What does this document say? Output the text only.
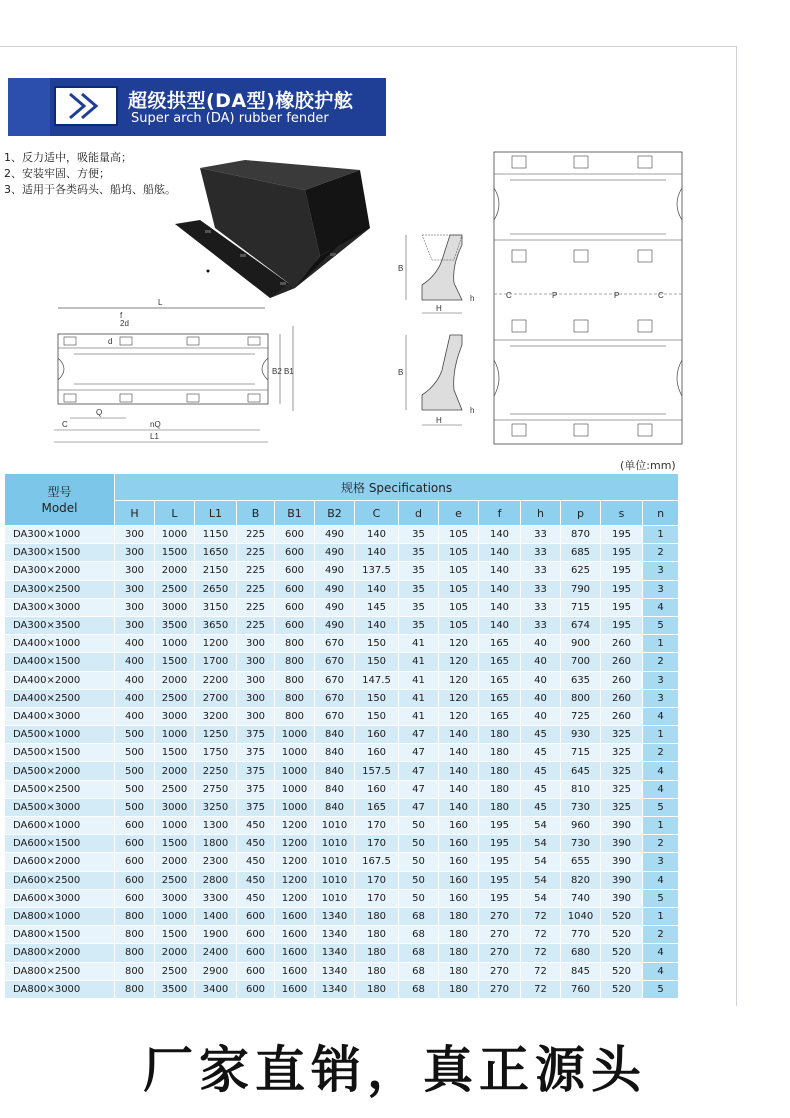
超级拱型(DA型)橡胶护舷
Super arch (DA) rubber fender
1、反力适中，吸能量高；
2、安装牢固、方便；
3、适用于各类码头、船坞、船舷。
L
f
2d
d
B2 B1
Q
C	nQ
L1
B
H
h
B
H
h
C	P	P	C
(单位:mm)
型号
Model	规格 Specifications													
	H	L	L1	B	B1	B2	C	d	e	f	h	p	s	n
DA300×1000	300	1000	1150	225	600	490	140	35	105	140	33	870	195	1
DA300×1500	300	1500	1650	225	600	490	140	35	105	140	33	685	195	2
DA300×2000	300	2000	2150	225	600	490	137.5	35	105	140	33	625	195	3
DA300×2500	300	2500	2650	225	600	490	140	35	105	140	33	790	195	3
DA300×3000	300	3000	3150	225	600	490	145	35	105	140	33	715	195	4
DA300×3500	300	3500	3650	225	600	490	140	35	105	140	33	674	195	5
DA400×1000	400	1000	1200	300	800	670	150	41	120	165	40	900	260	1
DA400×1500	400	1500	1700	300	800	670	150	41	120	165	40	700	260	2
DA400×2000	400	2000	2200	300	800	670	147.5	41	120	165	40	635	260	3
DA400×2500	400	2500	2700	300	800	670	150	41	120	165	40	800	260	3
DA400×3000	400	3000	3200	300	800	670	150	41	120	165	40	725	260	4
DA500×1000	500	1000	1250	375	1000	840	160	47	140	180	45	930	325	1
DA500×1500	500	1500	1750	375	1000	840	160	47	140	180	45	715	325	2
DA500×2000	500	2000	2250	375	1000	840	157.5	47	140	180	45	645	325	4
DA500×2500	500	2500	2750	375	1000	840	160	47	140	180	45	810	325	4
DA500×3000	500	3000	3250	375	1000	840	165	47	140	180	45	730	325	5
DA600×1000	600	1000	1300	450	1200	1010	170	50	160	195	54	960	390	1
DA600×1500	600	1500	1800	450	1200	1010	170	50	160	195	54	730	390	2
DA600×2000	600	2000	2300	450	1200	1010	167.5	50	160	195	54	655	390	3
DA600×2500	600	2500	2800	450	1200	1010	170	50	160	195	54	820	390	4
DA600×3000	600	3000	3300	450	1200	1010	170	50	160	195	54	740	390	5
DA800×1000	800	1000	1400	600	1600	1340	180	68	180	270	72	1040	520	1
DA800×1500	800	1500	1900	600	1600	1340	180	68	180	270	72	770	520	2
DA800×2000	800	2000	2400	600	1600	1340	180	68	180	270	72	680	520	4
DA800×2500	800	2500	2900	600	1600	1340	180	68	180	270	72	845	520	4
DA800×3000	800	3500	3400	600	1600	1340	180	68	180	270	72	760	520	5
厂家直销，真正源头
